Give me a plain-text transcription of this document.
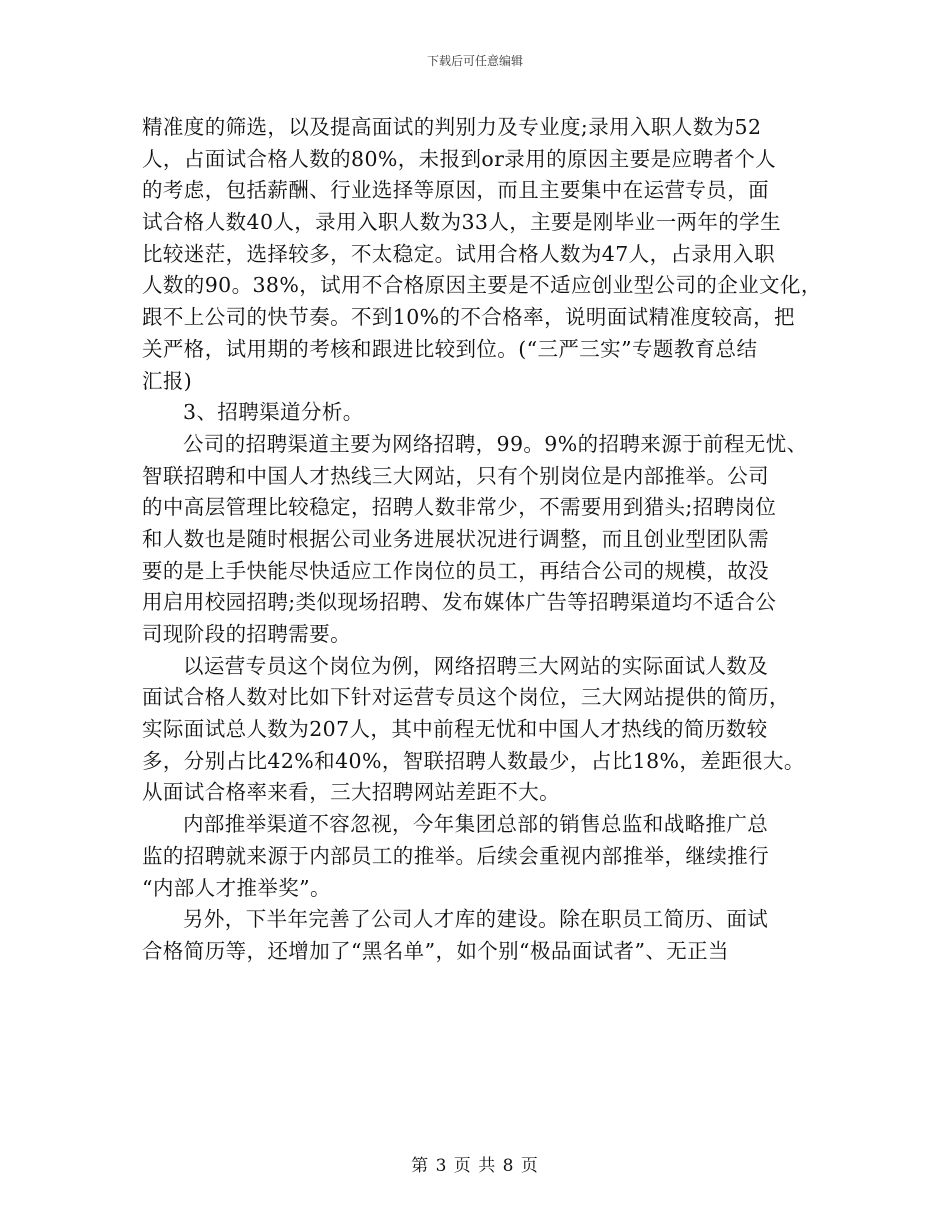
下载后可任意编辑
精准度的筛选，以及提高面试的判别力及专业度;录用入职人数为52
人，占面试合格人数的80%，未报到or录用的原因主要是应聘者个人
的考虑，包括薪酬、行业选择等原因，而且主要集中在运营专员，面
试合格人数40人，录用入职人数为33人，主要是刚毕业一两年的学生
比较迷茫，选择较多，不太稳定。试用合格人数为47人，占录用入职
人数的90。38%，试用不合格原因主要是不适应创业型公司的企业文化，
跟不上公司的快节奏。不到10%的不合格率，说明面试精准度较高，把
关严格，试用期的考核和跟进比较到位。(“三严三实”专题教育总结
汇报)
3、招聘渠道分析。
公司的招聘渠道主要为网络招聘，99。9%的招聘来源于前程无忧、
智联招聘和中国人才热线三大网站，只有个别岗位是内部推举。公司
的中高层管理比较稳定，招聘人数非常少，不需要用到猎头;招聘岗位
和人数也是随时根据公司业务进展状况进行调整，而且创业型团队需
要的是上手快能尽快适应工作岗位的员工，再结合公司的规模，故没
用启用校园招聘;类似现场招聘、发布媒体广告等招聘渠道均不适合公
司现阶段的招聘需要。
以运营专员这个岗位为例，网络招聘三大网站的实际面试人数及
面试合格人数对比如下针对运营专员这个岗位，三大网站提供的简历，
实际面试总人数为207人，其中前程无忧和中国人才热线的简历数较
多，分别占比42%和40%，智联招聘人数最少，占比18%，差距很大。
从面试合格率来看，三大招聘网站差距不大。
内部推举渠道不容忽视，今年集团总部的销售总监和战略推广总
监的招聘就来源于内部员工的推举。后续会重视内部推举，继续推行
“内部人才推举奖”。
另外，下半年完善了公司人才库的建设。除在职员工简历、面试
合格简历等，还增加了“黑名单”，如个别“极品面试者”、无正当
第 3 页 共 8 页
